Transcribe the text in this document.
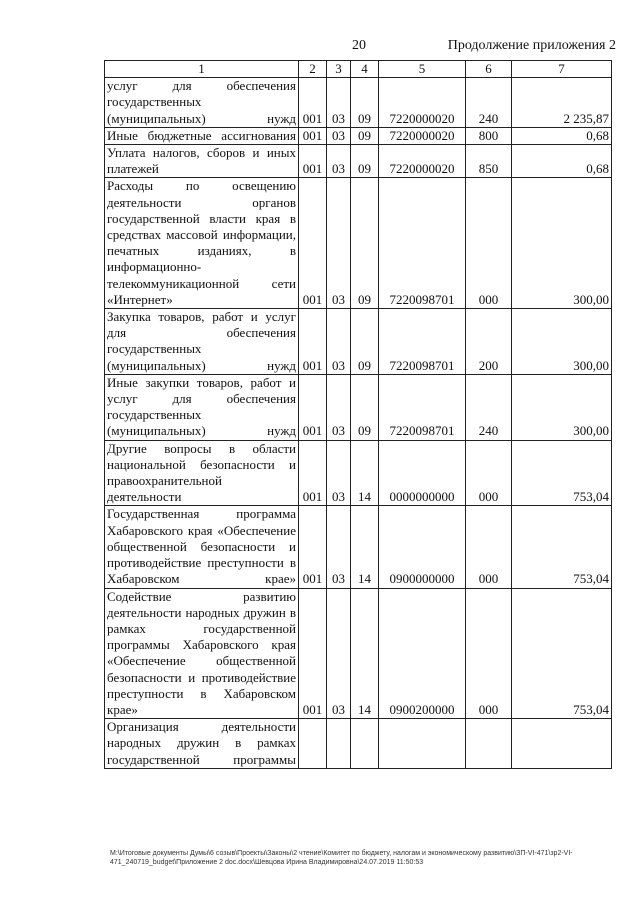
20	Продолжение приложения 2
1	2	3	4	5	6	7
услуг для обеспечения государственных (муниципальных) нужд	001	03	09	7220000020	240	2 235,87
Иные бюджетные ассигнования	001	03	09	7220000020	800	0,68
Уплата налогов, сборов и иных платежей	001	03	09	7220000020	850	0,68
Расходы по освещению деятельности органов государственной власти края в средствах массовой информации, печатных изданиях, в информационно-телекоммуникационной сети «Интернет»	001	03	09	7220098701	000	300,00
Закупка товаров, работ и услуг для обеспечения государственных (муниципальных) нужд	001	03	09	7220098701	200	300,00
Иные закупки товаров, работ и услуг для обеспечения государственных (муниципальных) нужд	001	03	09	7220098701	240	300,00
Другие вопросы в области национальной безопасности и правоохранительной деятельности	001	03	14	0000000000	000	753,04
Государственная программа Хабаровского края «Обеспечение общественной безопасности и противодействие преступности в Хабаровском крае»	001	03	14	0900000000	000	753,04
Содействие развитию деятельности народных дружин в рамках государственной программы Хабаровского края «Обеспечение общественной безопасности и противодействие преступности в Хабаровском крае»	001	03	14	0900200000	000	753,04
Организация деятельности народных дружин в рамках государственной программы						
M:\Итоговые документы Думы\6 созыв\Проекты\Законы\2 чтение\Комитет по бюджету, налогам и экономическому развитию\ЗП-VI-471\зр2-VI-471_240719_budget\Приложение 2 doc.docx\Шевцова Ирина Владимировна\24.07.2019 11:50:53
